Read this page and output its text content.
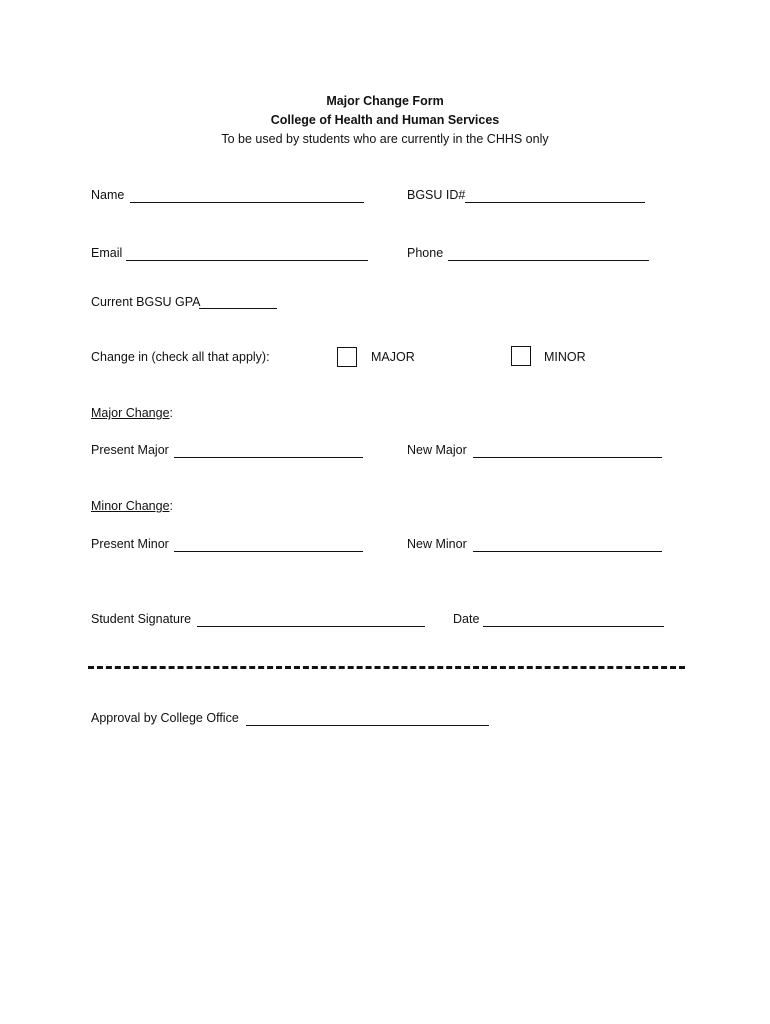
Major Change Form
College of Health and Human Services
To be used by students who are currently in the CHHS only
Name	BGSU ID#
Email	Phone
Current BGSU GPA
Change in (check all that apply):	MAJOR	MINOR
Major Change:
Present Major	New Major
Minor Change:
Present Minor	New Minor
Student Signature	Date
Approval by College Office
